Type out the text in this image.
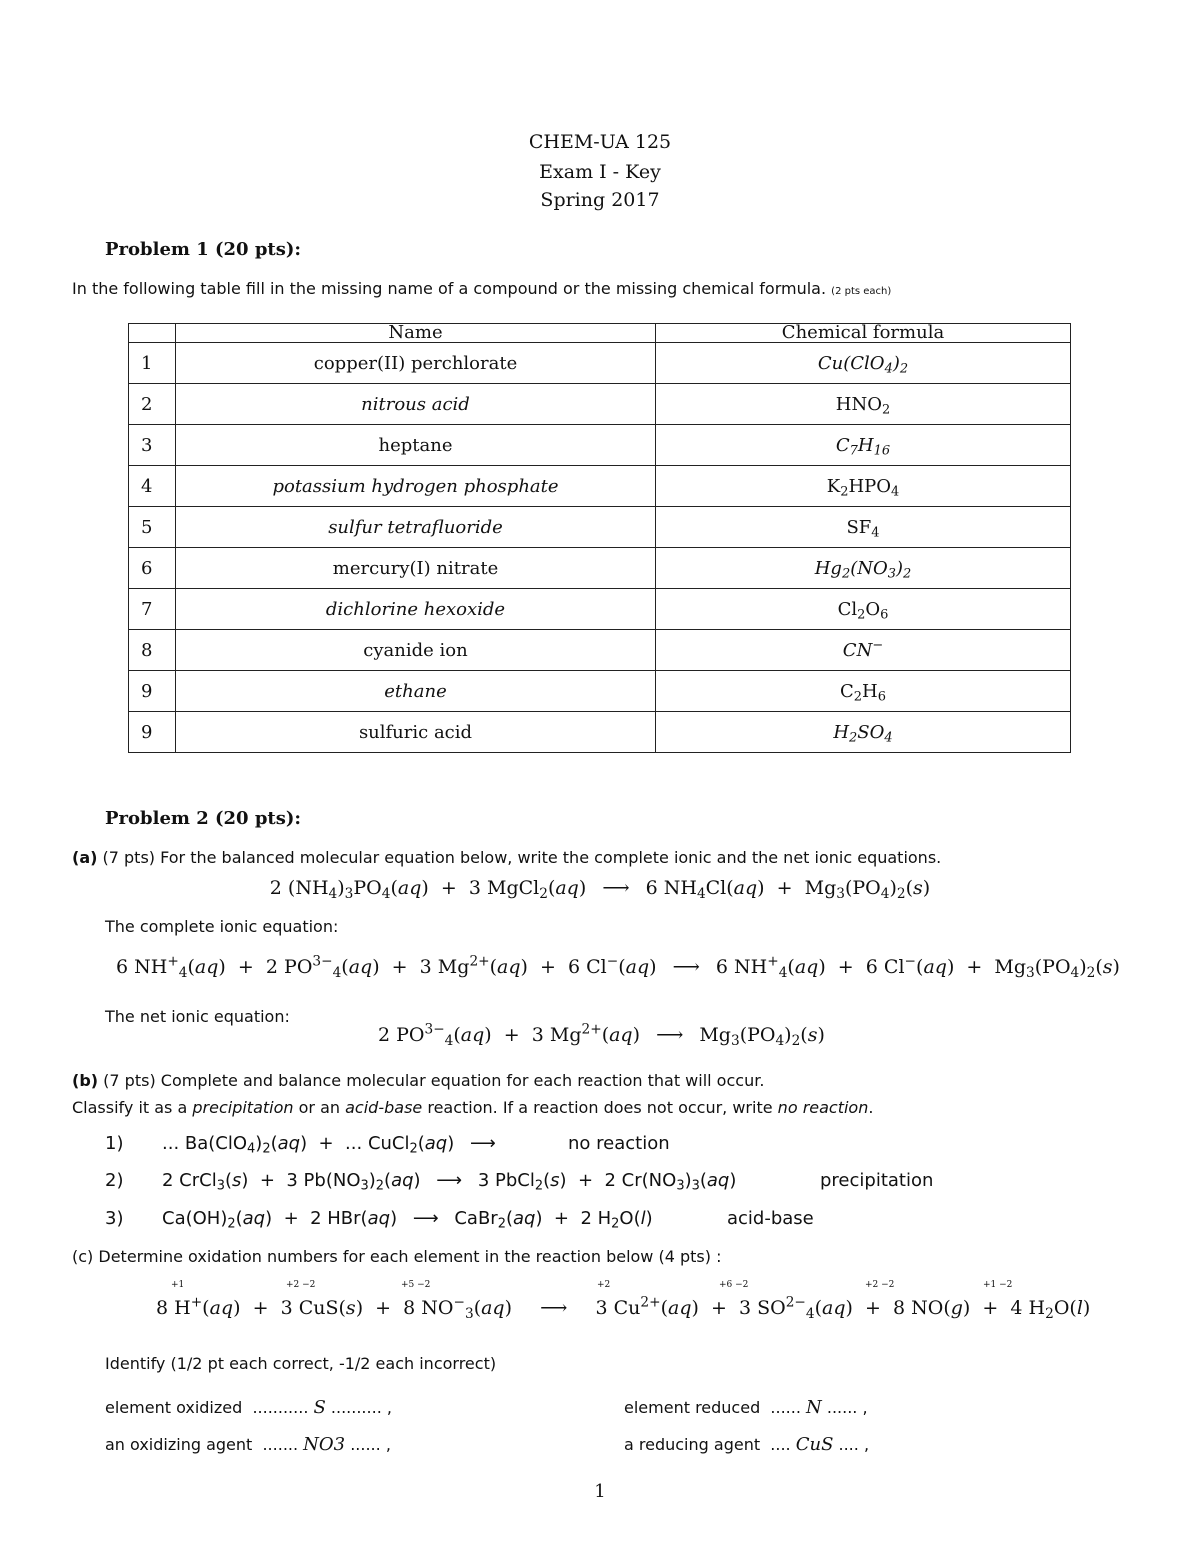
CHEM-UA 125
Exam I - Key
Spring 2017
Problem 1 (20 pts):
In the following table fill in the missing name of a compound or the missing chemical formula. (2 pts each)
	Name	Chemical formula
1	copper(II) perchlorate	$Cu(ClO_4)_2$
2	nitrous acid	$HNO_2$
3	heptane	$C_7H_{16}$
4	potassium hydrogen phosphate	$K_2HPO_4$
5	sulfur tetrafluoride	$SF_4$
6	mercury(I) nitrate	$Hg_2(NO_3)_2$
7	dichlorine hexoxide	$Cl_2O_6$
8	cyanide ion	CN−
9	ethane	$C_2H_6$
9	sulfuric acid	$H_2SO_4$
Problem 2 (20 pts):
(a) (7 pts) For the balanced molecular equation below, write the complete ionic and the net ionic equations.
2 $(NH_4)_3PO_4(aq) + 3$ MgCl$_2$(aq) ⟶ 6 $NH_4Cl(aq) + Mg_3(PO_4)_2(s)$
The complete ionic equation:
6 $NH^+_4(aq) + 2$ $PO^{3-}_4(aq) + 3$ $Mg^{2+}(aq) + 6$ Cl−(aq) ⟶ 6 $NH^+_4(aq) + 6$ $Cl^-(aq) + Mg_3(PO_4)_2(s)$
The net ionic equation:
2 $PO^{3-}_4(aq) + 3$ $Mg^{2+}(aq)$ ⟶ $Mg_3(PO_4)_2(s)$
(b) (7 pts) Complete and balance molecular equation for each reaction that will occur.
Classify it as a precipitation or an acid-base reaction. If a reaction does not occur, write no reaction.
1) ... $Ba(ClO_4)_2(aq)$  +  ... CuCl$_2$(aq) ⟶	no reaction
2) 2 CrCl$_3$(s)  +  3 $Pb(NO_3)_2(aq)$ ⟶ 3 PbCl$_2$(s)  +  2 $Cr(NO_3)_3(aq)$	precipitation
3) $Ca(OH)_2(aq) + 2$ HBr(aq) ⟶ CaBr$_2$(aq)  +  2 $H_2O(l)$	acid-base
(c) Determine oxidation numbers for each element in the reaction below (4 pts) :
+1	+2 −2	+5 −2	+2	+6 −2	+2 −2	+1 −2
8 H+(aq)  +  3 CuS(s)  +  8 $NO^-_3(aq)$   ⟶   3 $Cu^{2+}(aq) + 3$ $SO^{2-}_4(aq) + 8$ NO(g)  +  4 $H_2O(l)$
Identify (1/2 pt each correct, -1/2 each incorrect)
element oxidized  ........... S .......... ,	element reduced  ...... N ...... ,
an oxidizing agent  ....... NO3 ...... ,	a reducing agent  .... CuS .... ,
1
